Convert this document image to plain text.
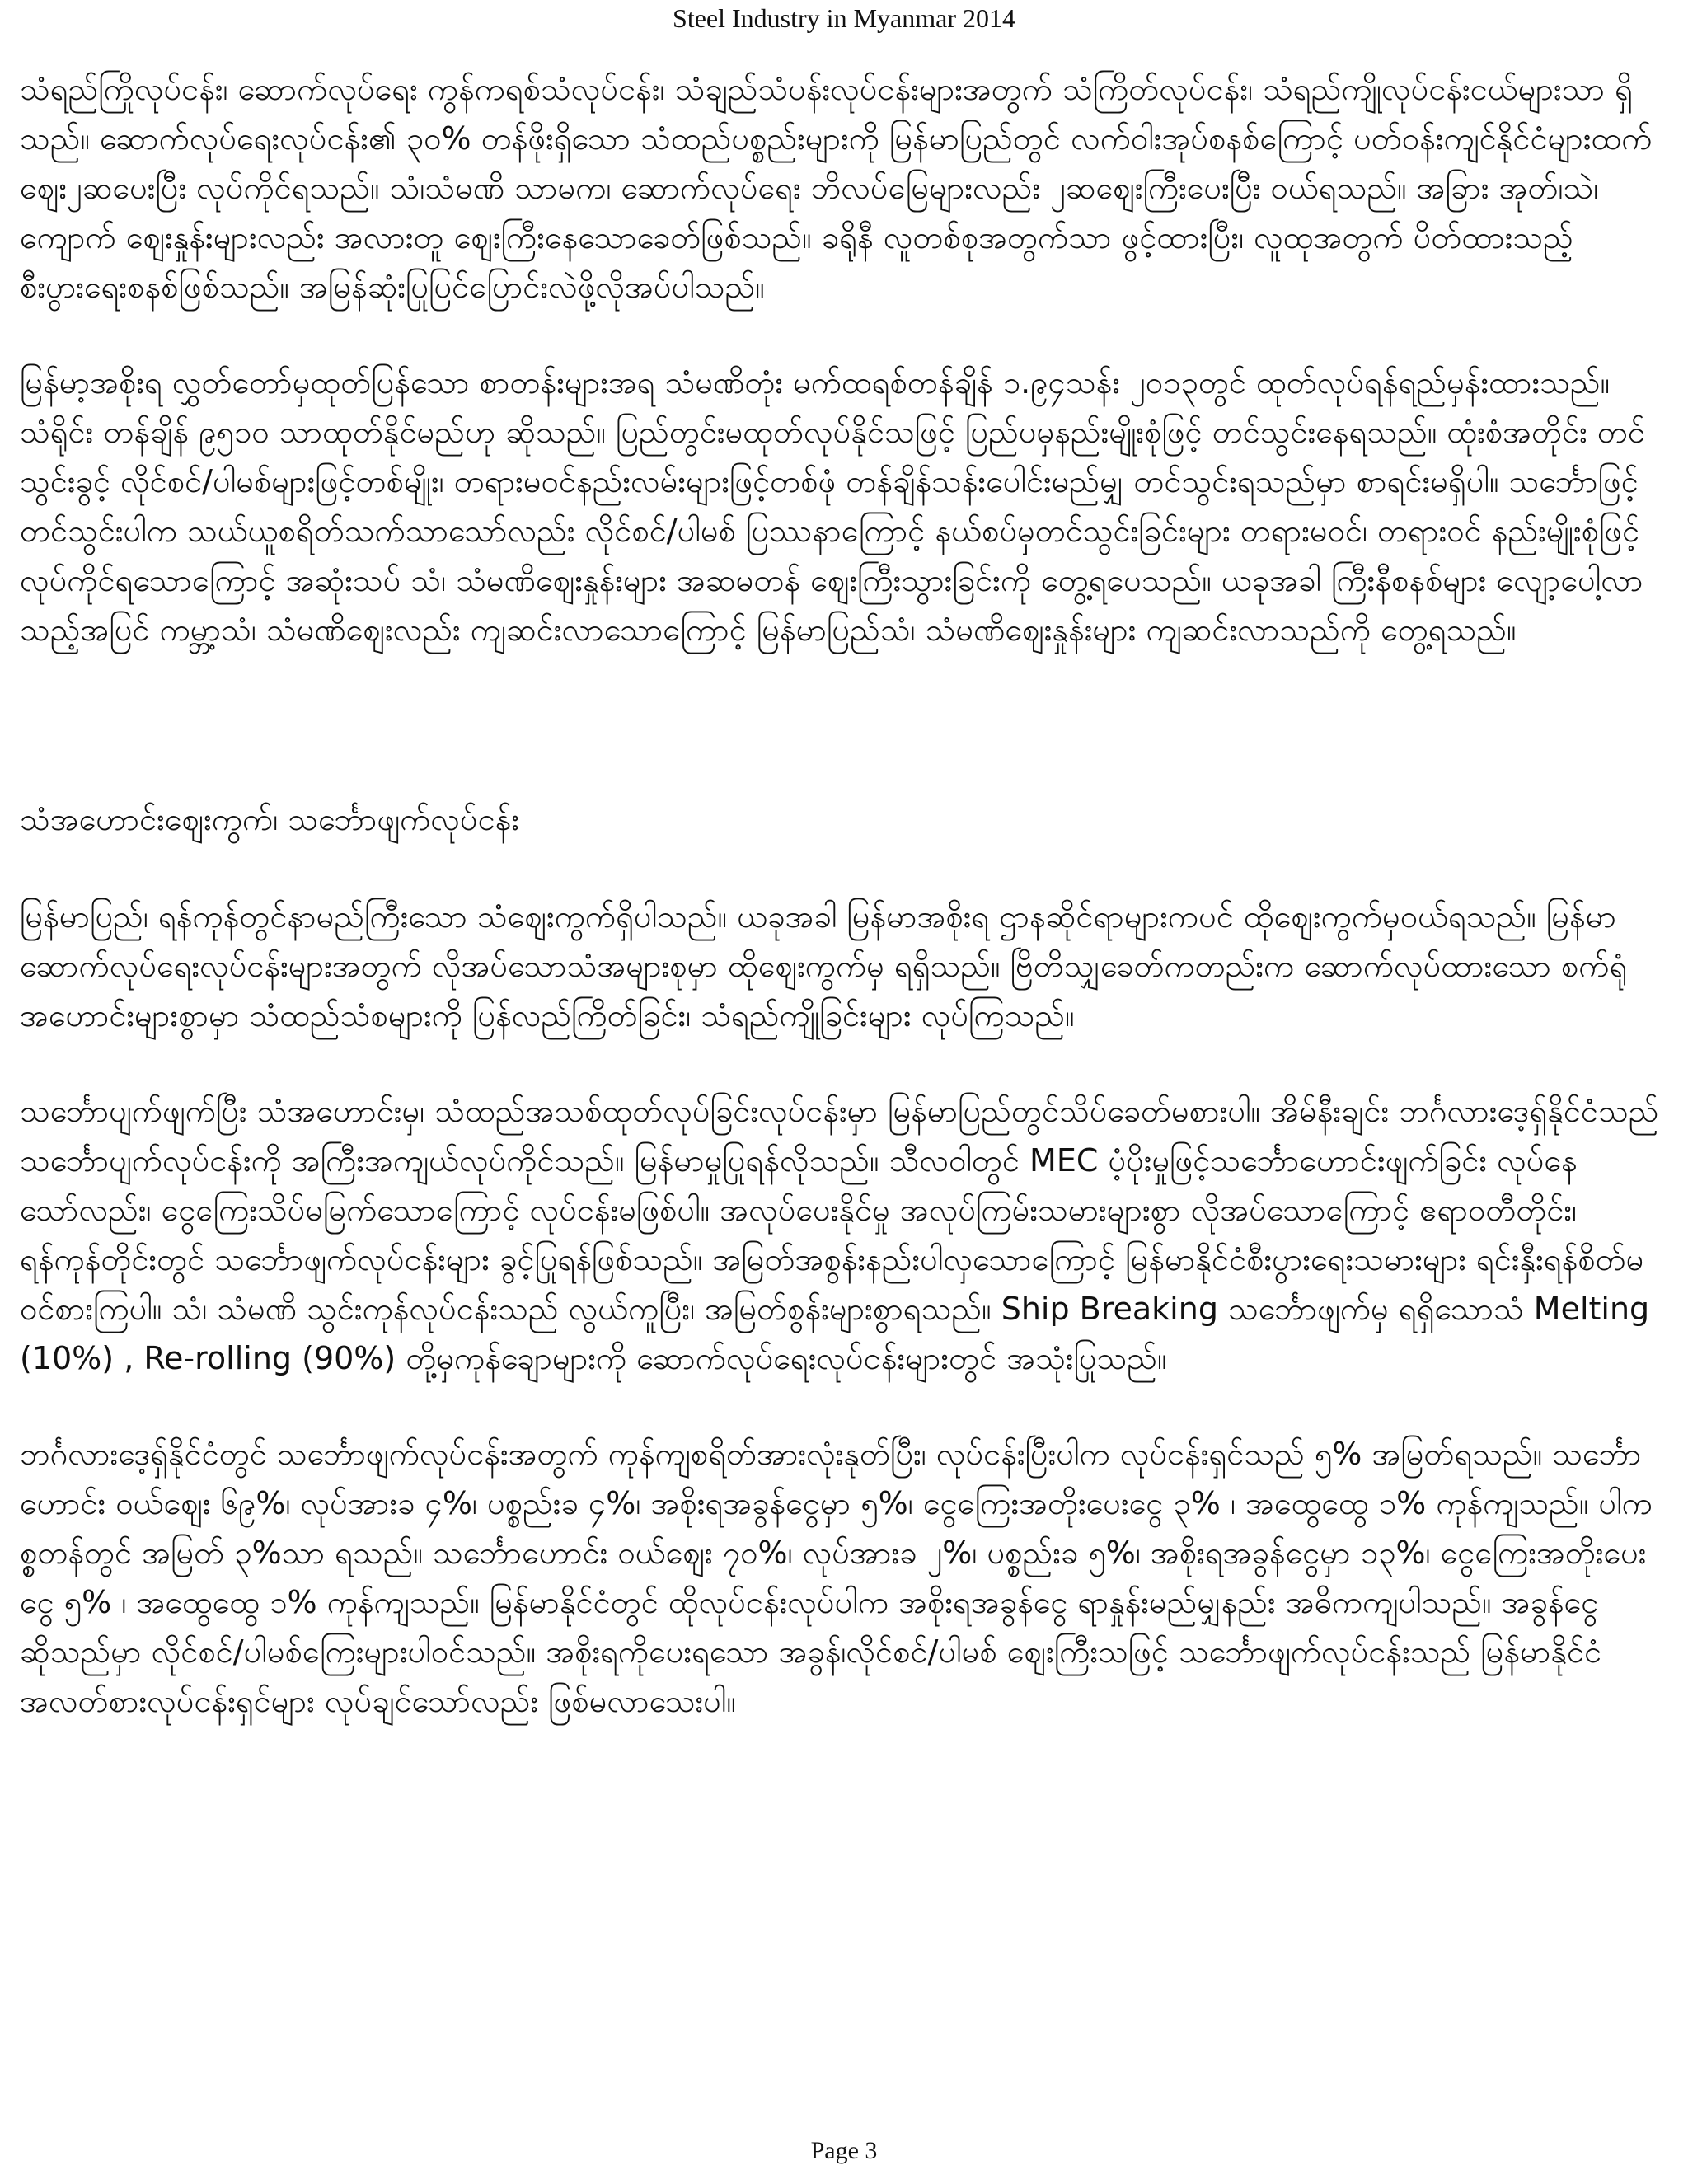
Steel Industry in Myanmar 2014

သံရည်ကြိုလုပ်ငန်း၊ ဆောက်လုပ်ရေး ကွန်ကရစ်သံလုပ်ငန်း၊ သံချည်သံပန်းလုပ်ငန်းများအတွက် သံကြိတ်လုပ်ငန်း၊ သံရည်ကျိုလုပ်ငန်းငယ်များသာ ရှိသည်။ ဆောက်လုပ်ရေးလုပ်ငန်း၏ ၃၀% တန်ဖိုးရှိသော သံထည်ပစ္စည်းများကို မြန်မာပြည်တွင် လက်ဝါးအုပ်စနစ်ကြောင့် ပတ်ဝန်းကျင်နိုင်ငံများထက် ဈေး၂ဆပေးပြီး လုပ်ကိုင်ရသည်။ သံ၊သံမဏိ သာမက၊ ဆောက်လုပ်ရေး ဘိလပ်မြေများလည်း ၂ဆဈေးကြီးပေးပြီး ဝယ်ရသည်။ အခြား အုတ်၊သဲ၊ကျောက် ဈေးနှုန်းများလည်း အလားတူ ဈေးကြီးနေသောခေတ်ဖြစ်သည်။ ခရိုနီ လူတစ်စုအတွက်သာ ဖွင့်ထားပြီး၊ လူထုအတွက် ပိတ်ထားသည့် စီးပွားရေးစနစ်ဖြစ်သည်။ အမြန်ဆုံးပြုပြင်ပြောင်းလဲဖို့လိုအပ်ပါသည်။

မြန်မာ့အစိုးရ လွှတ်တော်မှထုတ်ပြန်သော စာတန်းများအရ သံမဏိတုံး မက်ထရစ်တန်ချိန် ၁.၉၄သန်း ၂၀၁၃တွင် ထုတ်လုပ်ရန်ရည်မှန်းထားသည်။ သံရိုင်း တန်ချိန် ၉၅၁၀ သာထုတ်နိုင်မည်ဟု ဆိုသည်။ ပြည်တွင်းမထုတ်လုပ်နိုင်သဖြင့် ပြည်ပမှနည်းမျိုးစုံဖြင့် တင်သွင်းနေရသည်။ ထုံးစံအတိုင်း တင်သွင်းခွင့် လိုင်စင်/ပါမစ်များဖြင့်တစ်မျိုး၊ တရားမဝင်နည်းလမ်းများဖြင့်တစ်ဖုံ တန်ချိန်သန်းပေါင်းမည်မျှ တင်သွင်းရသည်မှာ စာရင်းမရှိပါ။ သင်္ဘောဖြင့်တင်သွင်းပါက သယ်ယူစရိတ်သက်သာသော်လည်း လိုင်စင်/ပါမစ် ပြဿနာကြောင့် နယ်စပ်မှတင်သွင်းခြင်းများ တရားမဝင်၊ တရားဝင် နည်းမျိုးစုံဖြင့် လုပ်ကိုင်ရသောကြောင့် အဆုံးသပ် သံ၊ သံမဏိဈေးနှုန်းများ အဆမတန် ဈေးကြီးသွားခြင်းကို တွေ့ရပေသည်။ ယခုအခါ ကြီးနီစနစ်များ လျော့ပေါ့လာသည့်အပြင် ကမ္ဘာ့သံ၊ သံမဏိဈေးလည်း ကျဆင်းလာသောကြောင့် မြန်မာပြည်သံ၊ သံမဏိဈေးနှုန်းများ ကျဆင်းလာသည်ကို တွေ့ရသည်။

သံအဟောင်းဈေးကွက်၊ သင်္ဘောဖျက်လုပ်ငန်း

မြန်မာပြည်၊ ရန်ကုန်တွင်နာမည်ကြီးသော သံဈေးကွက်ရှိပါသည်။ ယခုအခါ မြန်မာအစိုးရ ဌာနဆိုင်ရာများကပင် ထိုဈေးကွက်မှဝယ်ရသည်။ မြန်မာဆောက်လုပ်ရေးလုပ်ငန်းများအတွက် လိုအပ်သောသံအများစုမှာ ထိုဈေးကွက်မှ ရရှိသည်။ ဗြိတိသျှခေတ်ကတည်းက ဆောက်လုပ်ထားသော စက်ရုံအဟောင်းများစွာမှာ သံထည်သံစများကို ပြန်လည်ကြိတ်ခြင်း၊ သံရည်ကျိုခြင်းများ လုပ်ကြသည်။

သင်္ဘောပျက်ဖျက်ပြီး သံအဟောင်းမှ၊ သံထည်အသစ်ထုတ်လုပ်ခြင်းလုပ်ငန်းမှာ မြန်မာပြည်တွင်သိပ်ခေတ်မစားပါ။ အိမ်နီးချင်း ဘင်္ဂလားဒေ့ရှ်နိုင်ငံသည် သင်္ဘောပျက်လုပ်ငန်းကို အကြီးအကျယ်လုပ်ကိုင်သည်။ မြန်မာမှုပြုရန်လိုသည်။ သီလဝါတွင် MEC ပံ့ပိုးမှုဖြင့်သင်္ဘောဟောင်းဖျက်ခြင်း လုပ်နေသော်လည်း၊ ငွေကြေးသိပ်မမြက်သောကြောင့် လုပ်ငန်းမဖြစ်ပါ။ အလုပ်ပေးနိုင်မှု အလုပ်ကြမ်းသမားများစွာ လိုအပ်သောကြောင့် ဧရာဝတီတိုင်း၊ ရန်ကုန်တိုင်းတွင် သင်္ဘောဖျက်လုပ်ငန်းများ ခွင့်ပြုရန်ဖြစ်သည်။ အမြတ်အစွန်းနည်းပါလှသောကြောင့် မြန်မာနိုင်ငံစီးပွားရေးသမားများ ရင်းနှီးရန်စိတ်မဝင်စားကြပါ။ သံ၊ သံမဏိ သွင်းကုန်လုပ်ငန်းသည် လွယ်ကူပြီး၊ အမြတ်စွန်းများစွာရသည်။ Ship Breaking သင်္ဘောဖျက်မှ ရရှိသောသံ Melting (10%) , Re-rolling (90%) တို့မှကုန်ချောများကို ဆောက်လုပ်ရေးလုပ်ငန်းများတွင် အသုံးပြုသည်။

ဘင်္ဂလားဒေ့ရှ်နိုင်ငံတွင် သင်္ဘောဖျက်လုပ်ငန်းအတွက် ကုန်ကျစရိတ်အားလုံးနုတ်ပြီး၊ လုပ်ငန်းပြီးပါက လုပ်ငန်းရှင်သည် ၅% အမြတ်ရသည်။ သင်္ဘောဟောင်း ဝယ်ဈေး ၆၉%၊ လုပ်အားခ ၄%၊ ပစ္စည်းခ ၄%၊ အစိုးရအခွန်ငွေမှာ ၅%၊ ငွေကြေးအတိုးပေးငွေ ၃% ၊ အထွေထွေ ၁% ကုန်ကျသည်။ ပါကစ္စတန်တွင် အမြတ် ၃%သာ ရသည်။ သင်္ဘောဟောင်း ဝယ်ဈေး ၇၀%၊ လုပ်အားခ ၂%၊ ပစ္စည်းခ ၅%၊ အစိုးရအခွန်ငွေမှာ ၁၃%၊ ငွေကြေးအတိုးပေးငွေ ၅% ၊ အထွေထွေ ၁% ကုန်ကျသည်။ မြန်မာနိုင်ငံတွင် ထိုလုပ်ငန်းလုပ်ပါက အစိုးရအခွန်ငွေ ရာနှုန်းမည်မျှနည်း အဓိကကျပါသည်။ အခွန်ငွေဆိုသည်မှာ လိုင်စင်/ပါမစ်ကြေးများပါဝင်သည်။ အစိုးရကိုပေးရသော အခွန်၊လိုင်စင်/ပါမစ် ဈေးကြီးသဖြင့် သင်္ဘောဖျက်လုပ်ငန်းသည် မြန်မာနိုင်ငံ အလတ်စားလုပ်ငန်းရှင်များ လုပ်ချင်သော်လည်း ဖြစ်မလာသေးပါ။

Page 3
